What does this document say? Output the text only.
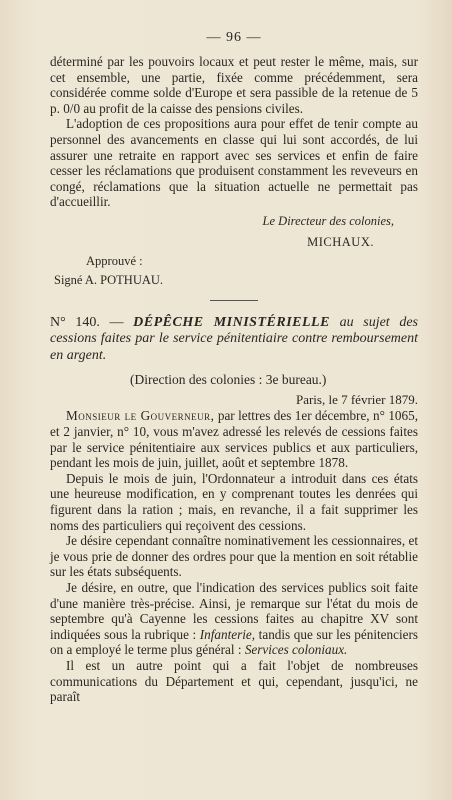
— 96 —

déterminé par les pouvoirs locaux et peut rester le même, mais, sur cet ensemble, une partie, fixée comme précédemment, sera considérée comme solde d'Europe et sera passible de la retenue de 5 p. 0/0 au profit de la caisse des pensions civiles.

L'adoption de ces propositions aura pour effet de tenir compte au personnel des avancements en classe qui lui sont accordés, de lui assurer une retraite en rapport avec ses services et enfin de faire cesser les réclamations que produisent constamment les reveveurs en congé, réclamations que la situation actuelle ne permettait pas d'accueillir.

Le Directeur des colonies,
MICHAUX.
Approuvé :
Signé A. POTHUAU.
N° 140. — DÉPÊCHE MINISTÉRIELLE au sujet des cessions faites par le service pénitentiaire contre remboursement en argent.
(Direction des colonies : 3e bureau.)
Paris, le 7 février 1879.

Monsieur le Gouverneur, par lettres des 1er décembre, n° 1065, et 2 janvier, n° 10, vous m'avez adressé les relevés de cessions faites par le service pénitentiaire aux services publics et aux particuliers, pendant les mois de juin, juillet, août et septembre 1878.

Depuis le mois de juin, l'Ordonnateur a introduit dans ces états une heureuse modification, en y comprenant toutes les denrées qui figurent dans la ration ; mais, en revanche, il a fait supprimer les noms des particuliers qui reçoivent des cessions.

Je désire cependant connaître nominativement les cessionnaires, et je vous prie de donner des ordres pour que la mention en soit rétablie sur les états subséquents.

Je désire, en outre, que l'indication des services publics soit faite d'une manière très-précise. Ainsi, je remarque sur l'état du mois de septembre qu'à Cayenne les cessions faites au chapitre XV sont indiquées sous la rubrique : Infanterie, tandis que sur les pénitenciers on a employé le terme plus général : Services coloniaux.

Il est un autre point qui a fait l'objet de nombreuses communications du Département et qui, cependant, jusqu'ici, ne paraît
